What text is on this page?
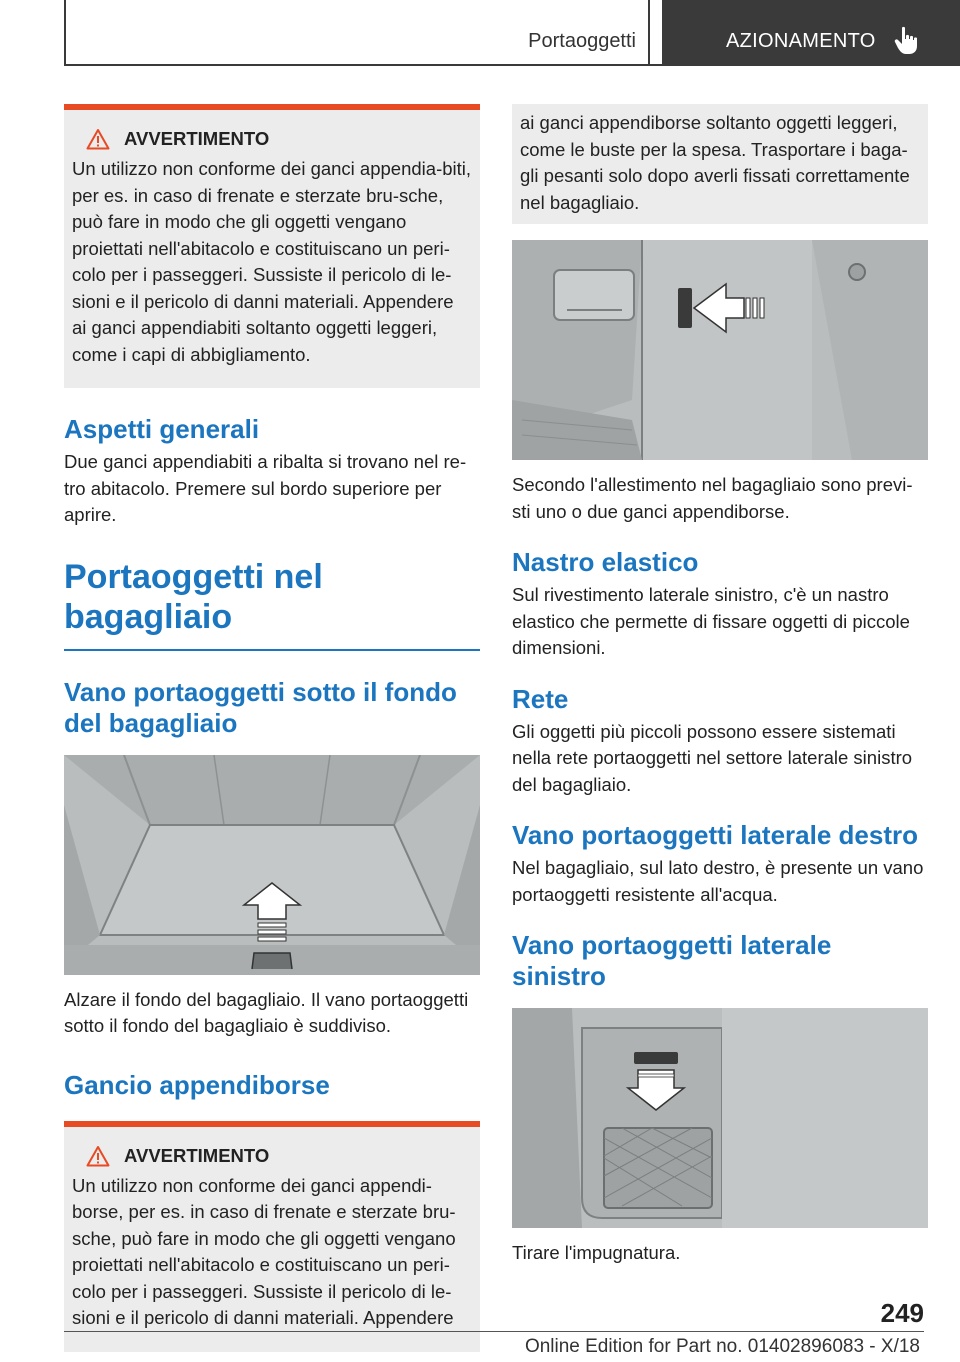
Portaoggetti	AZIONAMENTO
AVVERTIMENTO

Un utilizzo non conforme dei ganci appendia-biti, per es. in caso di frenate e sterzate bru-sche, può fare in modo che gli oggetti vengano proiettati nell'abitacolo e costituiscano un peri-colo per i passeggeri. Sussiste il pericolo di le-sioni e il pericolo di danni materiali. Appendere ai ganci appendiabiti soltanto oggetti leggeri, come i capi di abbigliamento.

Aspetti generali

Due ganci appendiabiti a ribalta si trovano nel re-tro abitacolo. Premere sul bordo superiore per aprire.

Portaoggetti nel bagagliaio
Vano portaoggetti sotto il fondo del bagagliaio

Alzare il fondo del bagagliaio. Il vano portaoggetti sotto il fondo del bagagliaio è suddiviso.

Gancio appendiborse
AVVERTIMENTO

Un utilizzo non conforme dei ganci appendi-borse, per es. in caso di frenate e sterzate bru-sche, può fare in modo che gli oggetti vengano proiettati nell'abitacolo e costituiscano un peri-colo per i passeggeri. Sussiste il pericolo di le-sioni e il pericolo di danni materiali. Appendere

ai ganci appendiborse soltanto oggetti leggeri, come le buste per la spesa. Trasportare i baga-gli pesanti solo dopo averli fissati correttamente nel bagagliaio.

Secondo l'allestimento nel bagagliaio sono previ-sti uno o due ganci appendiborse.

Nastro elastico

Sul rivestimento laterale sinistro, c'è un nastro elastico che permette di fissare oggetti di piccole dimensioni.

Rete

Gli oggetti più piccoli possono essere sistemati nella rete portaoggetti nel settore laterale sinistro del bagagliaio.

Vano portaoggetti laterale destro

Nel bagagliaio, sul lato destro, è presente un vano portaoggetti resistente all'acqua.

Vano portaoggetti laterale sinistro

Tirare l'impugnatura.

249
Online Edition for Part no. 01402896083 - X/18
